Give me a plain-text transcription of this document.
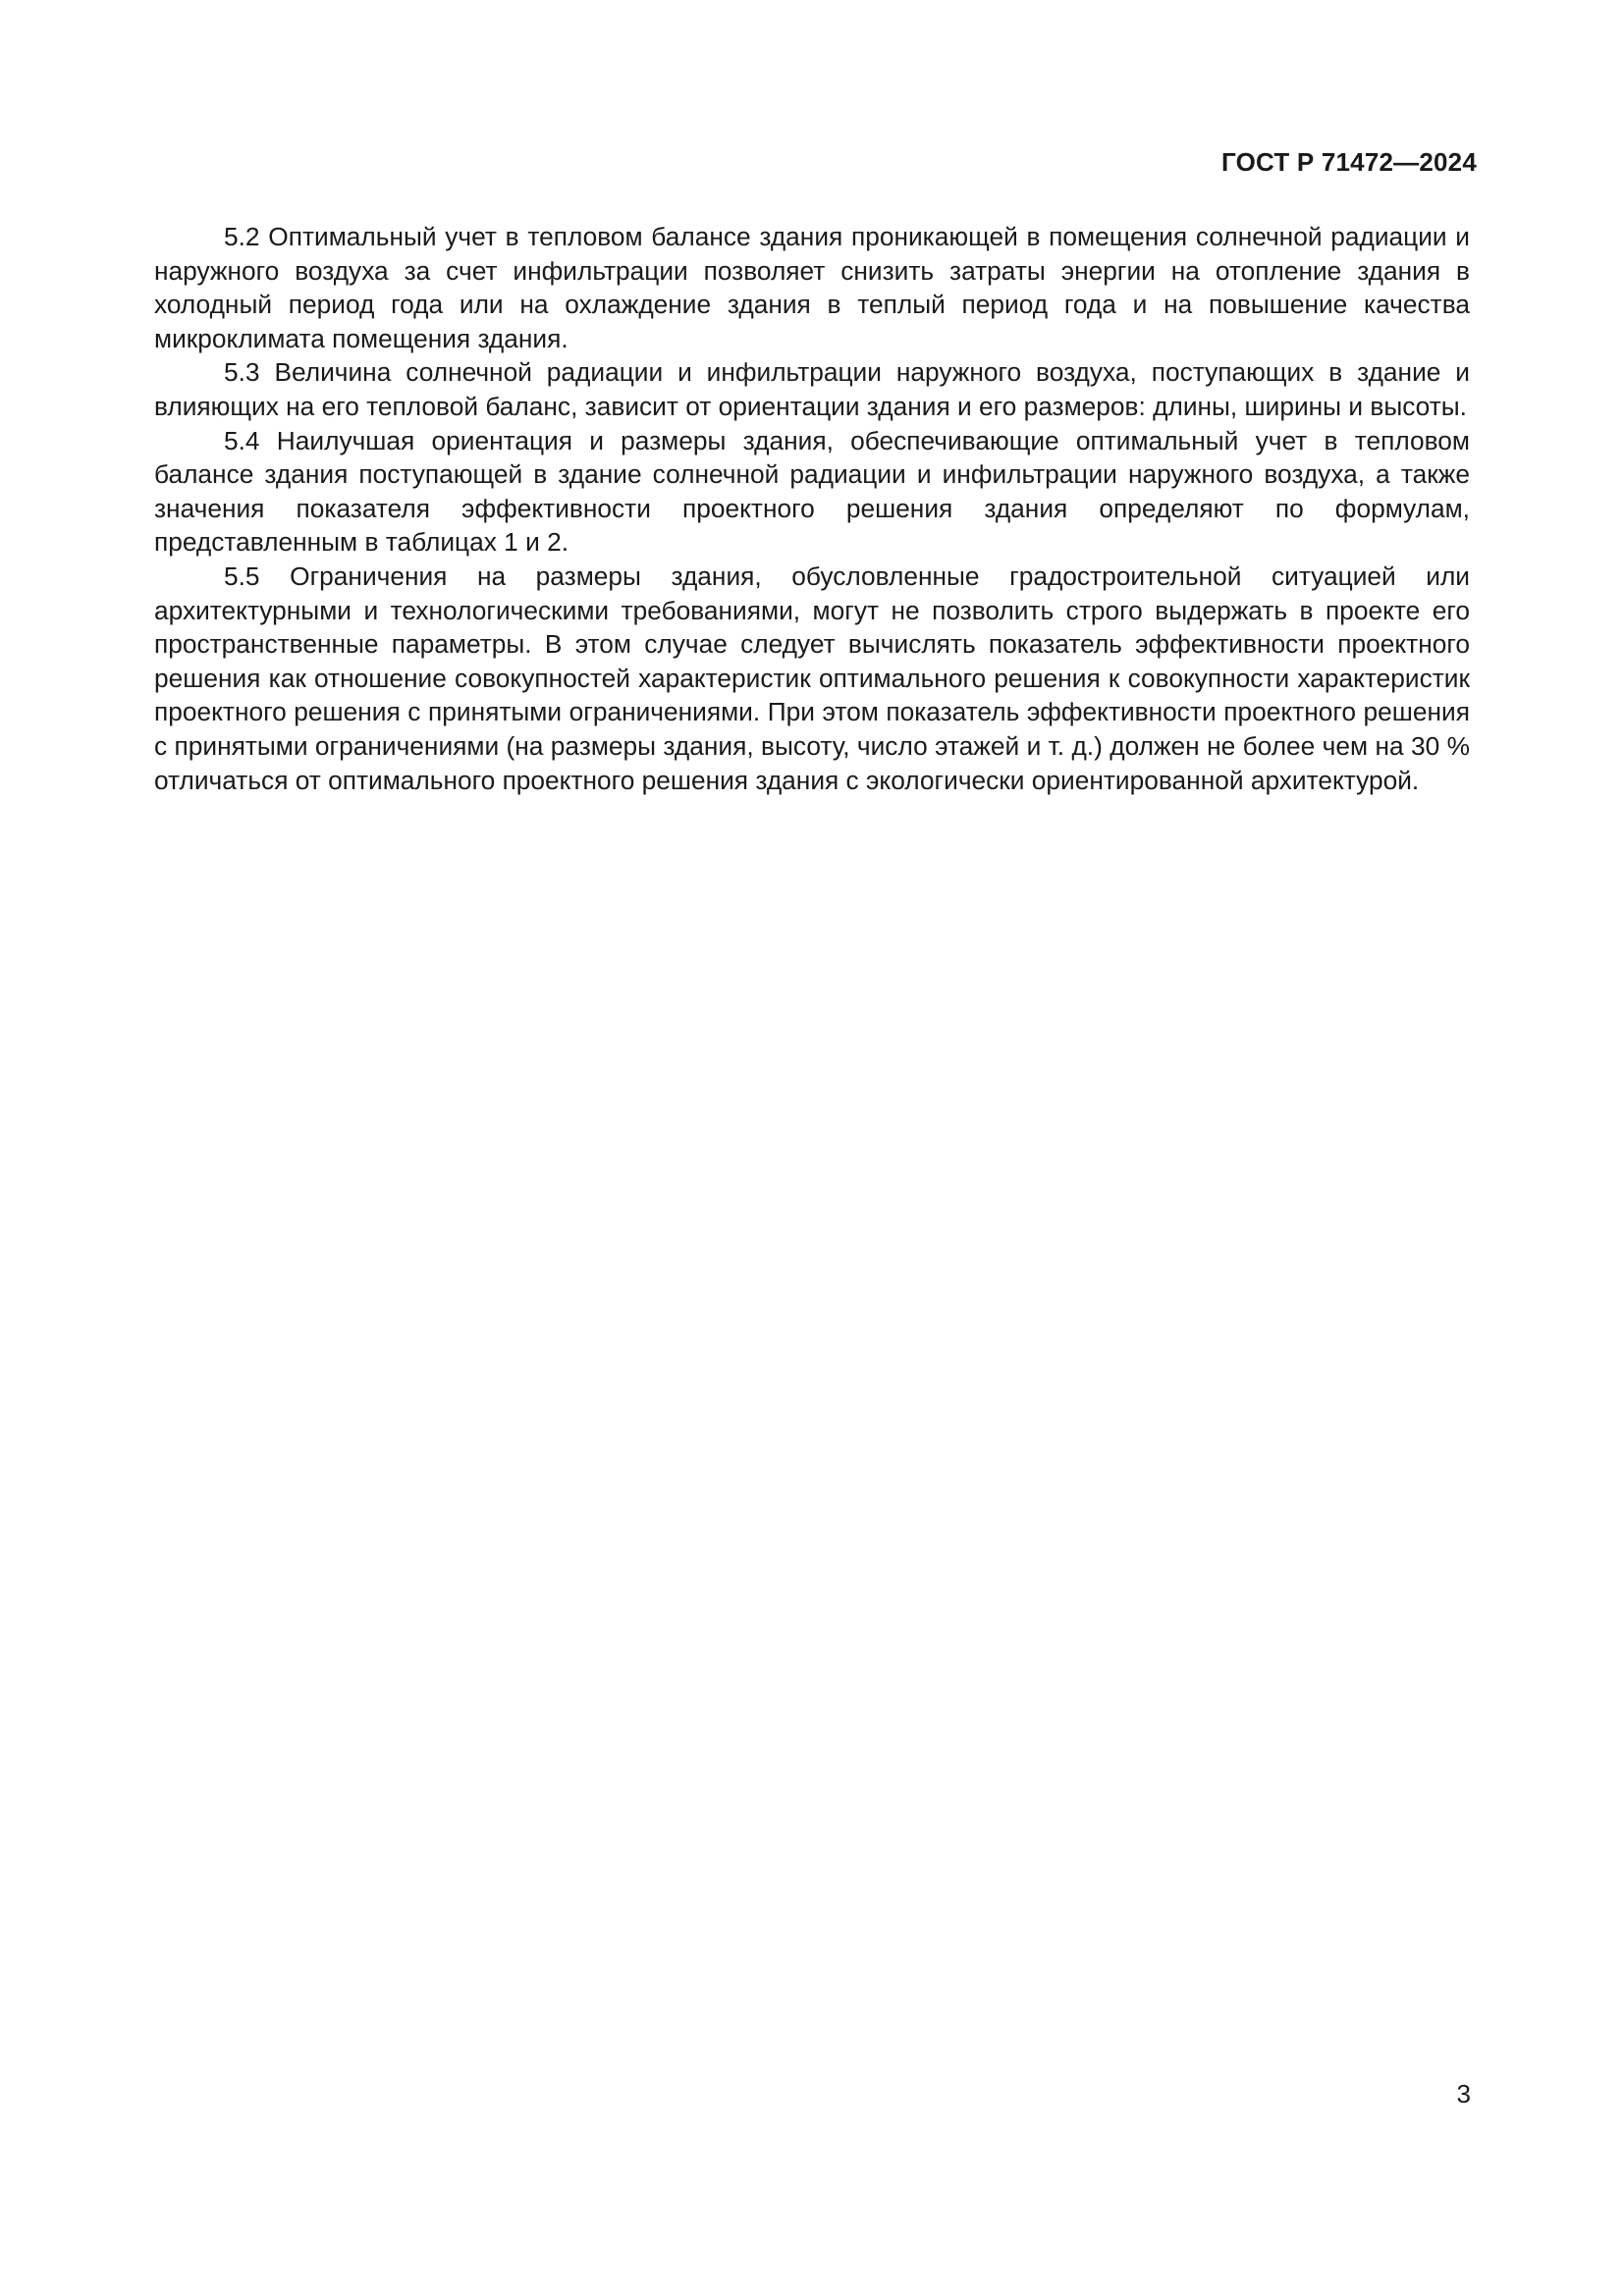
ГОСТ Р 71472—2024

5.2 Оптимальный учет в тепловом балансе здания проникающей в помещения солнечной радиации и наружного воздуха за счет инфильтрации позволяет снизить затраты энергии на отопление здания в холодный период года или на охлаждение здания в теплый период года и на повышение качества микроклимата помещения здания.

5.3 Величина солнечной радиации и инфильтрации наружного воздуха, поступающих в здание и влияющих на его тепловой баланс, зависит от ориентации здания и его размеров: длины, ширины и высоты.

5.4 Наилучшая ориентация и размеры здания, обеспечивающие оптимальный учет в тепловом балансе здания поступающей в здание солнечной радиации и инфильтрации наружного воздуха, а также значения показателя эффективности проектного решения здания определяют по формулам, представленным в таблицах 1 и 2.

5.5 Ограничения на размеры здания, обусловленные градостроительной ситуацией или архитектурными и технологическими требованиями, могут не позволить строго выдержать в проекте его пространственные параметры. В этом случае следует вычислять показатель эффективности проектного решения как отношение совокупностей характеристик оптимального решения к совокупности характеристик проектного решения с принятыми ограничениями. При этом показатель эффективности проектного решения с принятыми ограничениями (на размеры здания, высоту, число этажей и т. д.) должен не более чем на 30 % отличаться от оптимального проектного решения здания с экологически ориентированной архитектурой.

3
